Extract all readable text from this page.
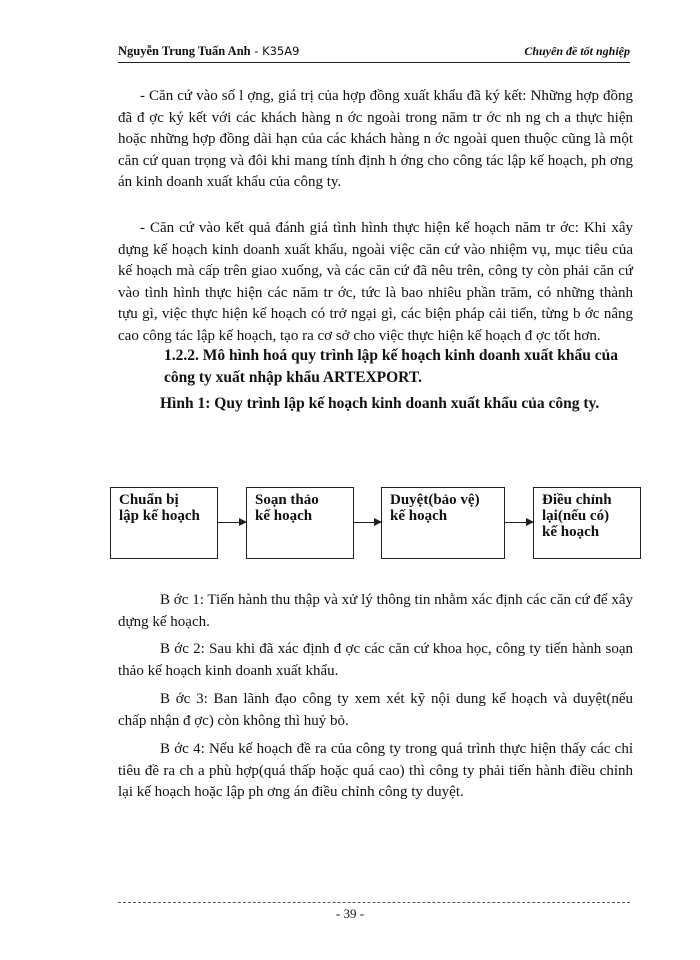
Nguyễn Trung Tuấn Anh - K35A9	Chuyên đề tốt nghiệp

- Căn cứ vào số l ợng, giá trị của hợp đồng xuất khẩu đã ký kết: Những hợp đồng đã đ ợc ký kết với các khách hàng n ớc ngoài trong năm tr ớc nh ng ch a thực hiện hoặc những hợp đồng dài hạn của các khách hàng n ớc ngoài quen thuộc cũng là một căn cứ quan trọng và đôi khi mang tính định h ớng cho công tác lập kế hoạch, ph ơng án kinh doanh xuất khẩu của công ty.

- Căn cứ vào kết quả đánh giá tình hình thực hiện kế hoạch năm tr ớc: Khi xây dựng kế hoạch kinh doanh xuất khẩu, ngoài việc căn cứ vào nhiệm vụ, mục tiêu của kế hoạch mà cấp trên giao xuống, và các căn cứ đã nêu trên, công ty còn phải căn cứ vào tình hình thực hiện các năm tr ớc, tức là bao nhiêu phần trăm, có những thành tựu gì, việc thực hiện kế hoạch có trở ngại gì, các biện pháp cải tiến, từng b ớc nâng cao công tác lập kế hoạch, tạo ra cơ sở cho việc thực hiện kế hoạch đ ợc tốt hơn.

1.2.2. Mô hình hoá quy trình lập kế hoạch kinh doanh xuất khẩu của công ty xuất nhập khẩu ARTEXPORT.

Hình 1: Quy trình lập kế hoạch kinh doanh xuất khẩu của công ty.

Chuẩn bị
lập kế hoạch
Soạn thảo
kế hoạch
Duyệt(bảo vệ)
kế hoạch
Điều chỉnh
lại(nếu có)
kế hoạch

B ớc 1: Tiến hành thu thập và xử lý thông tin nhằm xác định các căn cứ để xây dựng kế hoạch.

B ớc 2: Sau khi đã xác định đ ợc các căn cứ khoa học, công ty tiến hành soạn thảo kế hoạch kinh doanh xuất khẩu.

B ớc 3: Ban lãnh đạo công ty xem xét kỹ nội dung kế hoạch và duyệt(nếu chấp nhận đ ợc) còn không thì huỷ bỏ.

B ớc 4: Nếu kế hoạch đề ra của công ty trong quá trình thực hiện thấy các chỉ tiêu đề ra ch a phù hợp(quá thấp hoặc quá cao) thì công ty phải tiến hành điều chỉnh lại kế hoạch hoặc lập ph ơng án điều chỉnh công ty duyệt.

- 39 -
